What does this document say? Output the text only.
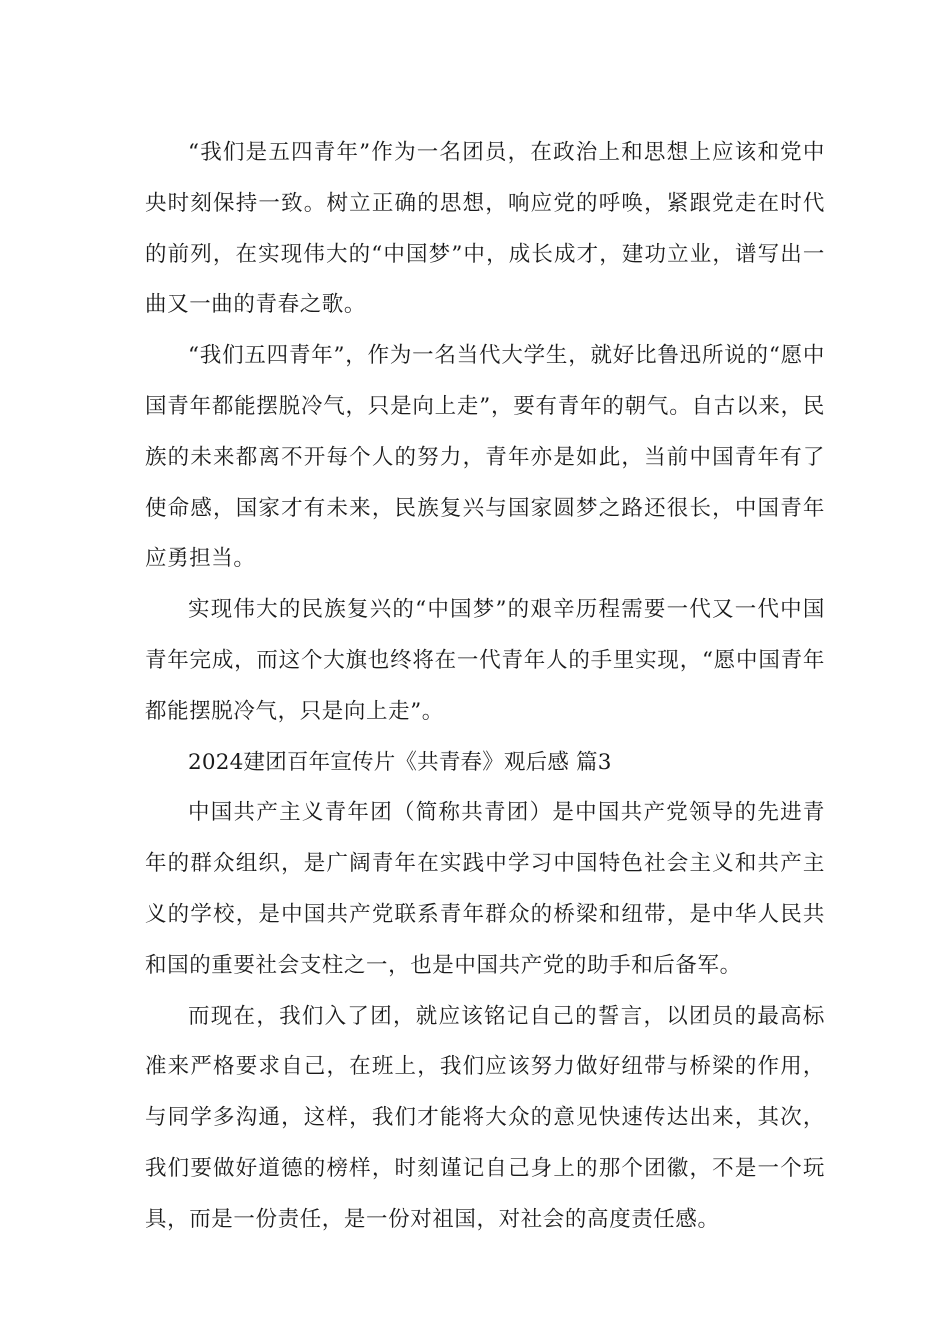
“我们是五四青年”作为一名团员，在政治上和思想上应该和党中央时刻保持一致。树立正确的思想，响应党的呼唤，紧跟党走在时代的前列，在实现伟大的“中国梦”中，成长成才，建功立业，谱写出一曲又一曲的青春之歌。

“我们五四青年”，作为一名当代大学生，就好比鲁迅所说的“愿中国青年都能摆脱冷气，只是向上走”，要有青年的朝气。自古以来，民族的未来都离不开每个人的努力，青年亦是如此，当前中国青年有了使命感，国家才有未来，民族复兴与国家圆梦之路还很长，中国青年应勇担当。

实现伟大的民族复兴的“中国梦”的艰辛历程需要一代又一代中国青年完成，而这个大旗也终将在一代青年人的手里实现，“愿中国青年都能摆脱冷气，只是向上走”。

2024建团百年宣传片《共青春》观后感 篇3

中国共产主义青年团（简称共青团）是中国共产党领导的先进青年的群众组织，是广阔青年在实践中学习中国特色社会主义和共产主义的学校，是中国共产党联系青年群众的桥梁和纽带，是中华人民共和国的重要社会支柱之一，也是中国共产党的助手和后备军。

而现在，我们入了团，就应该铭记自己的誓言，以团员的最高标准来严格要求自己，在班上，我们应该努力做好纽带与桥梁的作用，与同学多沟通，这样，我们才能将大众的意见快速传达出来，其次，我们要做好道德的榜样，时刻谨记自己身上的那个团徽，不是一个玩具，而是一份责任，是一份对祖国，对社会的高度责任感。
